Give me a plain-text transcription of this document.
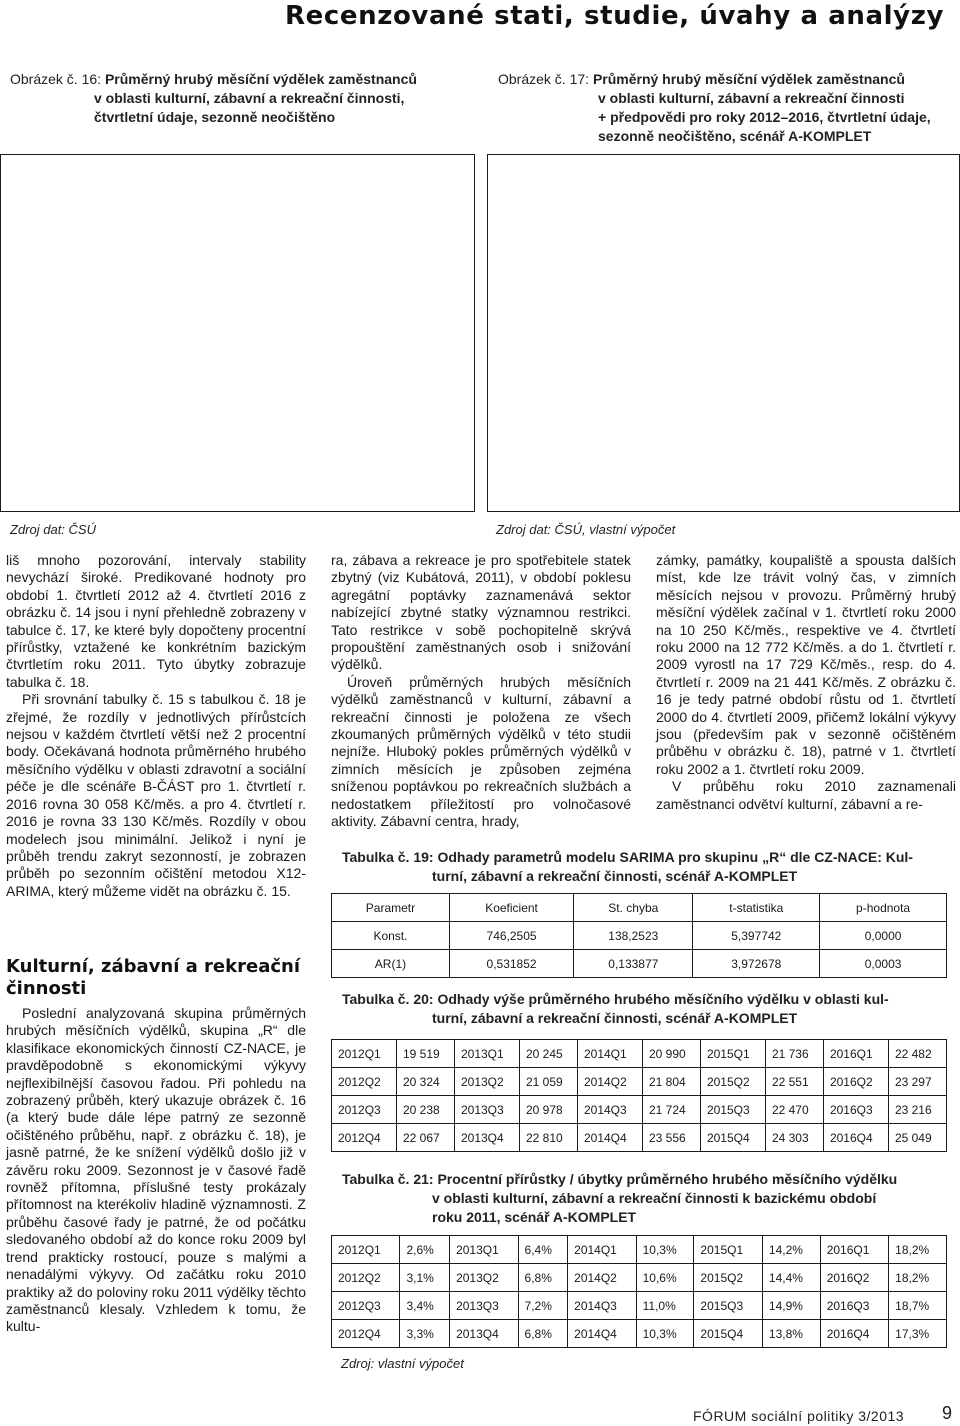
Recenzované stati, studie, úvahy a analýzy
Obrázek č. 16: Průměrný hrubý měsíční výdělek zaměstnanců
v oblasti kulturní, zábavní a rekreační činnosti,
čtvrtletní údaje, sezonně neočištěno
Zdroj dat: ČSÚ
Obrázek č. 17: Průměrný hrubý měsíční výdělek zaměstnanců
v oblasti kulturní, zábavní a rekreační činnosti
+ předpovědi pro roky 2012–2016, čtvrtletní údaje,
sezonně neočištěno, scénář A-KOMPLET
Zdroj dat: ČSÚ, vlastní výpočet

liš mnoho pozorování, intervaly stability nevychází široké. Predikované hodnoty pro období 1. čtvrtletí 2012 až 4. čtvrtletí 2016 z obrázku č. 14 jsou i nyní přehledně zobrazeny v tabulce č. 17, ke které byly dopočteny procentní přírůstky, vztažené ke konkrétním bazickým čtvrtletím roku 2011. Tyto úbytky zobrazuje tabulka č. 18.

Při srovnání tabulky č. 15 s tabulkou č. 18 je zřejmé, že rozdíly v jednotlivých přírůstcích nejsou v každém čtvrtletí větší než 2 procentní body. Očekávaná hodnota průměrného hrubého měsíčního výdělku v oblasti zdravotní a sociální péče je dle scénáře B-ČÁST pro 1. čtvrtletí r. 2016 rovna 30 058 Kč/měs. a pro 4. čtvrtletí r. 2016 je rovna 33 130 Kč/měs. Rozdíly v obou modelech jsou minimální. Jelikož i nyní je průběh trendu zakryt sezonností, je zobrazen průběh po sezonním očištění metodou X12-ARIMA, který můžeme vidět na obrázku č. 15.

Kulturní, zábavní a rekreační činnosti

Poslední analyzovaná skupina průměrných hrubých měsíčních výdělků, skupina „R“ dle klasifikace ekonomických činností CZ-NACE, je pravděpodobně s ekonomickými výkyvy nejflexibilnější časovou řadou. Při pohledu na zobrazený průběh, který ukazuje obrázek č. 16 (a který bude dále lépe patrný ze sezonně očištěného průběhu, např. z obrázku č. 18), je jasně patrné, že ke snížení výdělků došlo již v závěru roku 2009. Sezonnost je v časové řadě rovněž přítomna, příslušné testy prokázaly přítomnost na kterékoliv hladině významnosti. Z průběhu časové řady je patrné, že od počátku sledovaného období až do konce roku 2009 byl trend prakticky rostoucí, pouze s malými a nenadálými výkyvy. Od začátku roku 2010 praktiky až do poloviny roku 2011 výdělky těchto zaměstnanců klesaly. Vzhledem k tomu, že kultu-

ra, zábava a rekreace je pro spotřebitele statek zbytný (viz Kubátová, 2011), v období poklesu agregátní poptávky zaznamenává sektor nabízející zbytné statky významnou restrikci. Tato restrikce v sobě pochopitelně skrývá propouštění zaměstnaných osob i snižování výdělků.

Úroveň průměrných hrubých měsíčních výdělků zaměstnanců v kulturní, zábavní a rekreační činnosti je položena ze všech zkoumaných průměrných výdělků v této studii nejníže. Hluboký pokles průměrných výdělků v zimních měsících je způsoben zejména sníženou poptávkou po rekreačních službách a nedostatkem příležitostí pro volnočasové aktivity. Zábavní centra, hrady,

zámky, památky, koupaliště a spousta dalších míst, kde lze trávit volný čas, v zimních měsících nejsou v provozu. Průměrný hrubý měsíční výdělek začínal v 1. čtvrtletí roku 2000 na 10 250 Kč/měs., respektive ve 4. čtvrtletí roku 2000 na 12 772 Kč/měs. a do 1. čtvrtletí r. 2009 vyrostl na 17 729 Kč/měs., resp. do 4. čtvrtletí r. 2009 na 21 441 Kč/měs. Z obrázku č. 16 je tedy patrné období růstu od 1. čtvrtletí 2000 do 4. čtvrtletí 2009, přičemž lokální výkyvy jsou (především pak v sezonně očištěném průběhu v obrázku č. 18), patrné v 1. čtvrtletí roku 2002 a 1. čtvrtletí roku 2009.

V průběhu roku 2010 zaznamenali zaměstnanci odvětví kulturní, zábavní a re-

Tabulka č. 19: Odhady parametrů modelu SARIMA pro skupinu „R“ dle CZ-NACE: Kul-
turní, zábavní a rekreační činnosti, scénář A-KOMPLET
Parametr	Koeficient	St. chyba	t-statistika	p-hodnota
Konst.	746,2505	138,2523	5,397742	0,0000
AR(1)	0,531852	0,133877	3,972678	0,0003
Tabulka č. 20: Odhady výše průměrného hrubého měsíčního výdělku v oblasti kul-
turní, zábavní a rekreační činnosti, scénář A-KOMPLET
2012Q1	19 519	2013Q1	20 245	2014Q1	20 990	2015Q1	21 736	2016Q1	22 482
2012Q2	20 324	2013Q2	21 059	2014Q2	21 804	2015Q2	22 551	2016Q2	23 297
2012Q3	20 238	2013Q3	20 978	2014Q3	21 724	2015Q3	22 470	2016Q3	23 216
2012Q4	22 067	2013Q4	22 810	2014Q4	23 556	2015Q4	24 303	2016Q4	25 049
Tabulka č. 21: Procentní přírůstky / úbytky průměrného hrubého měsíčního výdělku
v oblasti kulturní, zábavní a rekreační činnosti k bazickému období
roku 2011, scénář A-KOMPLET
2012Q1	2,6%	2013Q1	6,4%	2014Q1	10,3%	2015Q1	14,2%	2016Q1	18,2%
2012Q2	3,1%	2013Q2	6,8%	2014Q2	10,6%	2015Q2	14,4%	2016Q2	18,2%
2012Q3	3,4%	2013Q3	7,2%	2014Q3	11,0%	2015Q3	14,9%	2016Q3	18,7%
2012Q4	3,3%	2013Q4	6,8%	2014Q4	10,3%	2015Q4	13,8%	2016Q4	17,3%
Zdroj: vlastní výpočet
FÓRUM sociální politiky 3/2013 9
